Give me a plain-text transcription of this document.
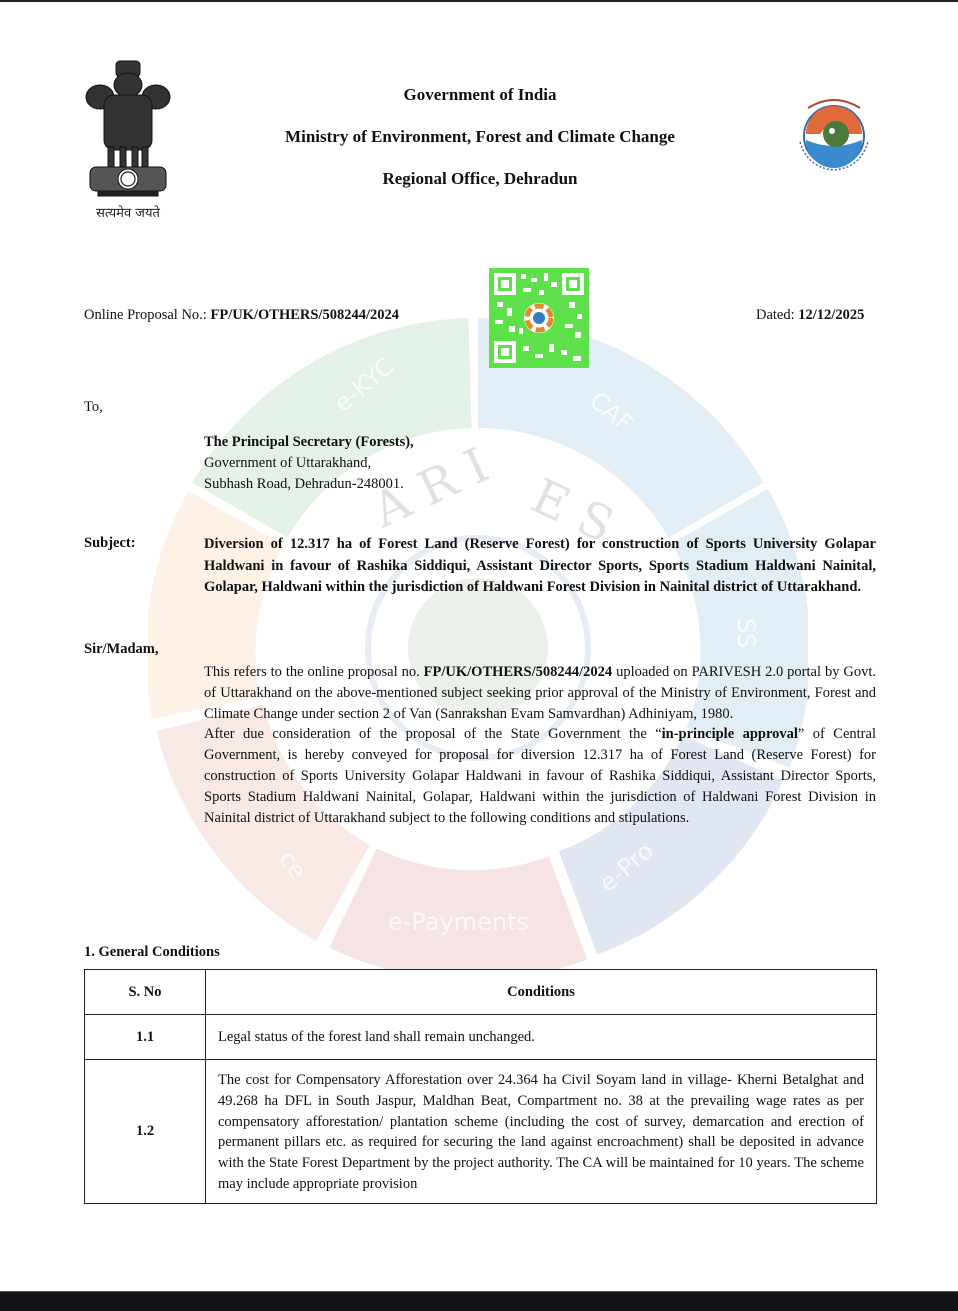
e-KYC	CAF
SS
e-Pro
e-Payments
ce
A R I E S
सत्यमेव जयते
Government of India
Ministry of Environment, Forest and Climate Change
Regional Office, Dehradun
Online Proposal No.: FP/UK/OTHERS/508244/2024	Dated: 12/12/2025
To,
The Principal Secretary (Forests),
Government of Uttarakhand,
Subhash Road, Dehradun-248001.
Subject:	Diversion of 12.317 ha of Forest Land (Reserve Forest) for construction of Sports University Golapar Haldwani in favour of Rashika Siddiqui, Assistant Director Sports, Sports Stadium Haldwani Nainital, Golapar, Haldwani within the jurisdiction of Haldwani Forest Division in Nainital district of Uttarakhand.
Sir/Madam,

This refers to the online proposal no. FP/UK/OTHERS/508244/2024 uploaded on PARIVESH 2.0 portal by Govt. of Uttarakhand on the above-mentioned subject seeking prior approval of the Ministry of Environment, Forest and Climate Change under section 2 of Van (Sanrakshan Evam Samvardhan) Adhiniyam, 1980.

After due consideration of the proposal of the State Government the “in-principle approval” of Central Government, is hereby conveyed for proposal for diversion 12.317 ha of Forest Land (Reserve Forest) for construction of Sports University Golapar Haldwani in favour of Rashika Siddiqui, Assistant Director Sports, Sports Stadium Haldwani Nainital, Golapar, Haldwani within the jurisdiction of Haldwani Forest Division in Nainital district of Uttarakhand subject to the following conditions and stipulations.

1. General Conditions
S. No	Conditions
1.1	Legal status of the forest land shall remain unchanged.
1.2	The cost for Compensatory Afforestation over 24.364 ha Civil Soyam land in village- Kherni Betalghat and 49.268 ha DFL in South Jaspur, Maldhan Beat, Compartment no. 38 at the prevailing wage rates as per compensatory afforestation/ plantation scheme (including the cost of survey, demarcation and erection of permanent pillars etc. as required for securing the land against encroachment) shall be deposited in advance with the State Forest Department by the project authority. The CA will be maintained for 10 years. The scheme may include appropriate provision
